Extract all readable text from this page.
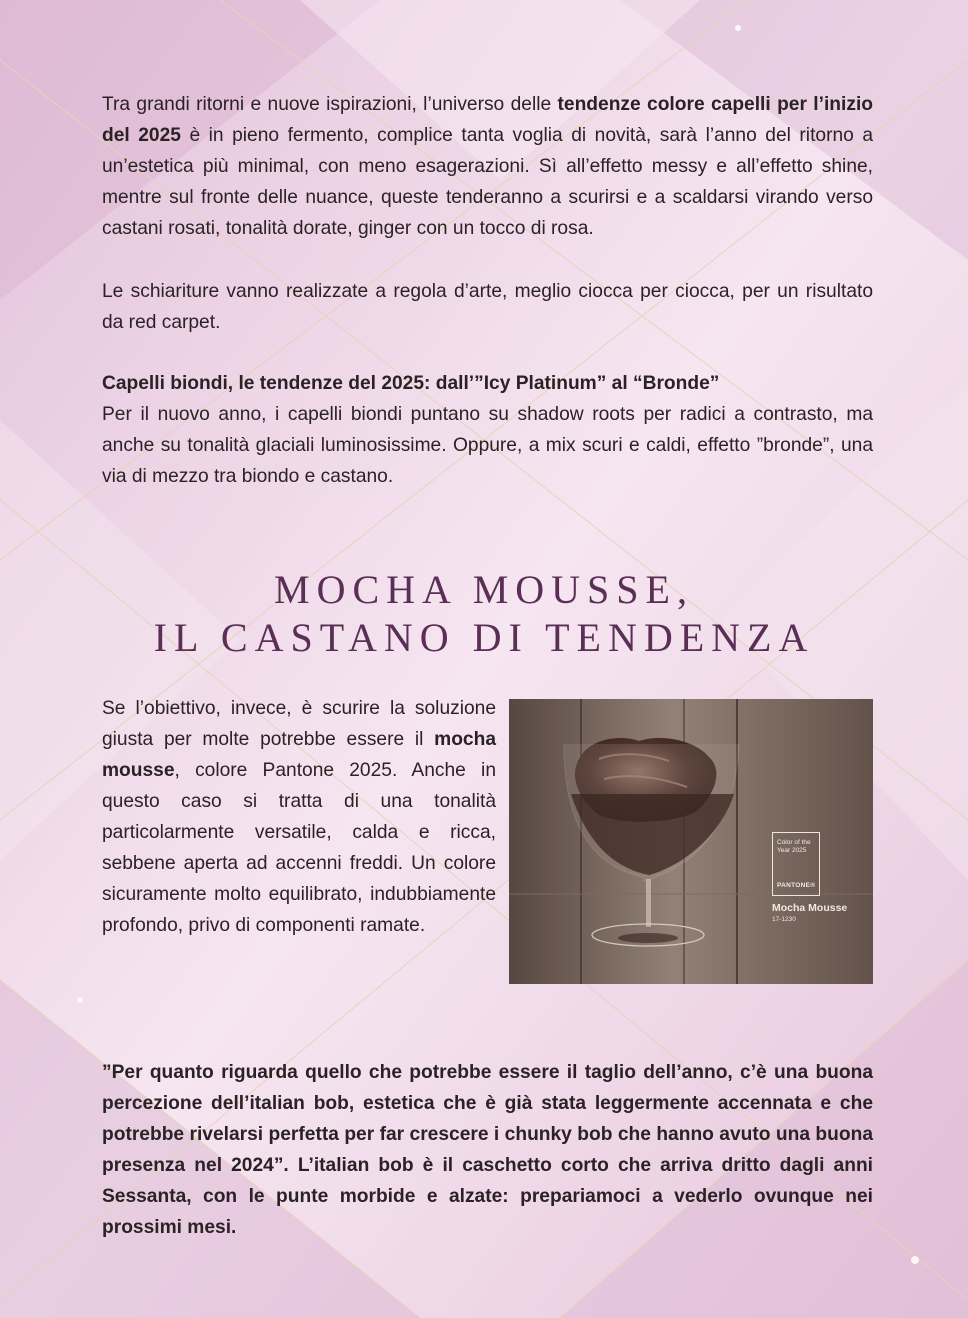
Tra grandi ritorni e nuove ispirazioni, l’universo delle tendenze colore capelli per l’inizio del 2025 è in pieno fermento, complice tanta voglia di novità, sarà l’anno del ritorno a un’estetica più minimal, con meno esagerazioni. Sì all’effetto messy e all’effetto shine, mentre sul fronte delle nuance, queste tenderanno a scurirsi e a scaldarsi virando verso castani rosati, tonalità dorate, ginger con un tocco di rosa.

Le schiariture vanno realizzate a regola d’arte, meglio ciocca per ciocca, per un risultato da red carpet.

Capelli biondi, le tendenze del 2025: dall’”Icy Platinum” al “Bronde”

Per il nuovo anno, i capelli biondi puntano su shadow roots per radici a contrasto, ma anche su tonalità glaciali luminosissime. Oppure, a mix scuri e caldi, effetto ”bronde”, una via di mezzo tra biondo e castano.

MOCHA MOUSSE,
IL CASTANO DI TENDENZA

Se l’obiettivo, invece, è scurire la soluzione giusta per molte potrebbe essere il mocha mousse, colore Pantone 2025. Anche in questo caso si tratta di una tonalità particolarmente versatile, calda e ricca, sebbene aperta ad accenni freddi. Un colore sicuramente molto equilibrato, indubbiamente profondo, privo di componenti ramate.

Color of the Year 2025
PANTONE®
Mocha Mousse
17-1230

”Per quanto riguarda quello che potrebbe essere il taglio dell’anno, c’è una buona percezione dell’italian bob, estetica che è già stata leggermente accennata e che potrebbe rivelarsi perfetta per far crescere i chunky bob che hanno avuto una buona presenza nel 2024”. L’italian bob è il caschetto corto che arriva dritto dagli anni Sessanta, con le punte morbide e alzate: prepariamoci a vederlo ovunque nei prossimi mesi.
